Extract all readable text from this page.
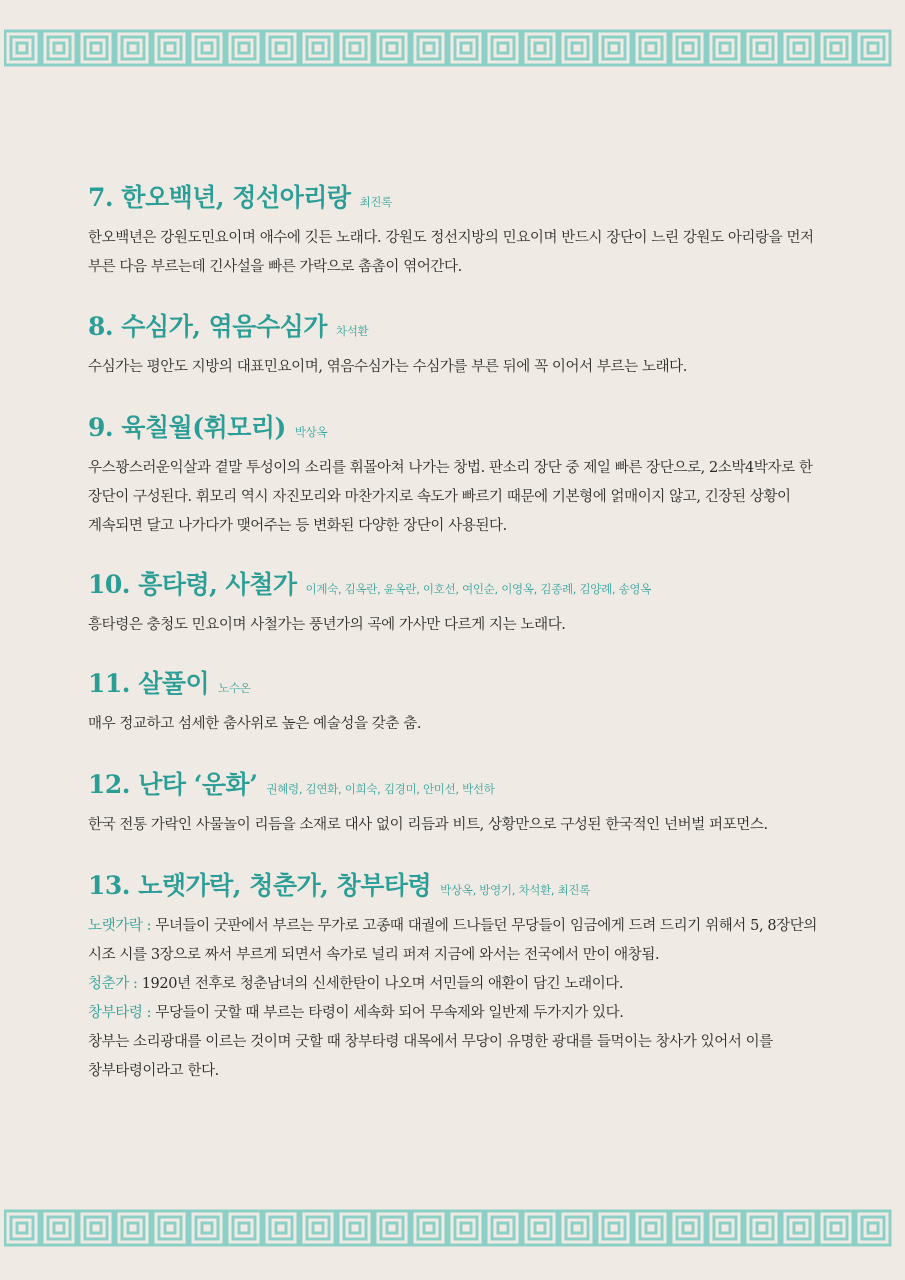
7. 한오백년, 정선아리랑 최진록

한오백년은 강원도민요이며 애수에 깃든 노래다. 강원도 정선지방의 민요이며 반드시 장단이 느린 강원도 아리랑을 먼저 부른 다음 부르는데 긴사설을 빠른 가락으로 촘촘이 엮어간다.

8. 수심가, 엮음수심가 차석환

수심가는 평안도 지방의 대표민요이며, 엮음수심가는 수심가를 부른 뒤에 꼭 이어서 부르는 노래다.

9. 육칠월(휘모리) 박상옥

우스꽝스러운익살과 곁말 투성이의 소리를 휘몰아쳐 나가는 창법. 판소리 장단 중 제일 빠른 장단으로, 2소박4박자로 한 장단이 구성된다. 휘모리 역시 자진모리와 마찬가지로 속도가 빠르기 때문에 기본형에 얽매이지 않고, 긴장된 상황이 계속되면 달고 나가다가 맺어주는 등 변화된 다양한 장단이 사용된다.

10. 흥타령, 사철가 이계숙, 김옥란, 윤옥란, 이호선, 여인순, 이영옥, 김종례, 김양례, 송영옥

흥타령은 충청도 민요이며 사철가는 풍년가의 곡에 가사만 다르게 지는 노래다.

11. 살풀이 노수온

매우 정교하고 섬세한 춤사위로 높은 예술성을 갖춘 춤.

12. 난타 ‘운화’ 권혜령, 김연화, 이희숙, 김경미, 안미선, 박선하

한국 전통 가락인 사물놀이 리듬을 소재로 대사 없이 리듬과 비트, 상황만으로 구성된 한국적인 넌버벌 퍼포먼스.

13. 노랫가락, 청춘가, 창부타령 박상옥, 방영기, 차석환, 최진록

노랫가락 : 무녀들이 굿판에서 부르는 무가로 고종때 대궐에 드나들던 무당들이 임금에게 드려 드리기 위해서 5, 8장단의 시조 시를 3장으로 짜서 부르게 되면서 속가로 널리 퍼져 지금에 와서는 전국에서 만이 애창됨.

청춘가 : 1920년 전후로 청춘남녀의 신세한탄이 나오며 서민들의 애환이 담긴 노래이다.

창부타령 : 무당들이 굿할 때 부르는 타령이 세속화 되어 무속제와 일반제 두가지가 있다.

창부는 소리광대를 이르는 것이며 굿할 때 창부타령 대목에서 무당이 유명한 광대를 들먹이는 창사가 있어서 이를 창부타령이라고 한다.
